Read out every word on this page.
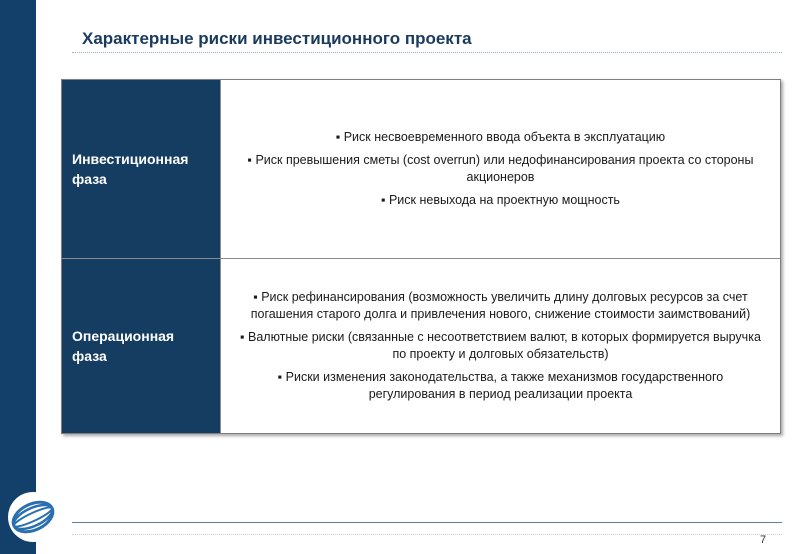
Характерные риски инвестиционного проекта
Инвестиционная фаза
▪ Риск несвоевременного ввода объекта в эксплуатацию
▪ Риск превышения сметы (cost overrun) или недофинансирования проекта со стороны акционеров
▪ Риск невыхода на проектную мощность
Операционная фаза
▪ Риск рефинансирования (возможность увеличить длину долговых ресурсов за счет погашения старого долга и привлечения нового, снижение стоимости заимствований)
▪ Валютные риски (связанные с несоответствием валют, в которых формируется выручка по проекту и долговых обязательств)
▪ Риски изменения законодательства, а также механизмов государственного регулирования в период реализации проекта
7
